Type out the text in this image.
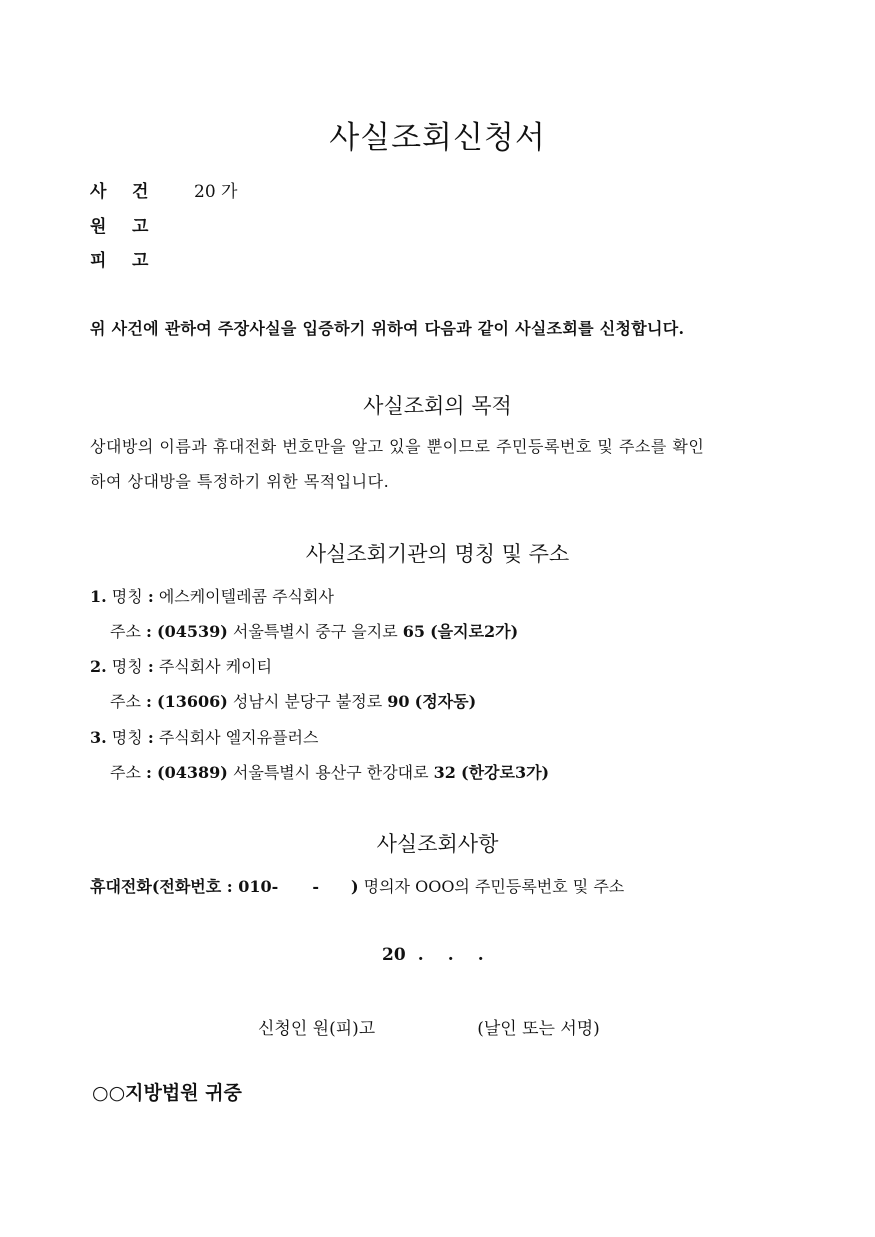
사실조회신청서
사 건	20 가
원 고
피 고
위 사건에 관하여 주장사실을 입증하기 위하여 다음과 같이 사실조회를 신청합니다.
사실조회의 목적
상대방의 이름과 휴대전화 번호만을 알고 있을 뿐이므로 주민등록번호 및 주소를 확인
하여 상대방을 특정하기 위한 목적입니다.
사실조회기관의 명칭 및 주소
1. 명칭 : 에스케이텔레콤 주식회사
주소 : (04539) 서울특별시 중구 을지로 65 (을지로2가)
2. 명칭 : 주식회사 케이티
주소 : (13606) 성남시 분당구 불정로 90 (정자동)
3. 명칭 : 주식회사 엘지유플러스
주소 : (04389) 서울특별시 용산구 한강대로 32 (한강로3가)
사실조회사항
휴대전화(전화번호 : 010- - ) 명의자 OOO의 주민등록번호 및 주소
20 . . .
신청인 원(피)고	(날인 또는 서명)
○○지방법원 귀중
